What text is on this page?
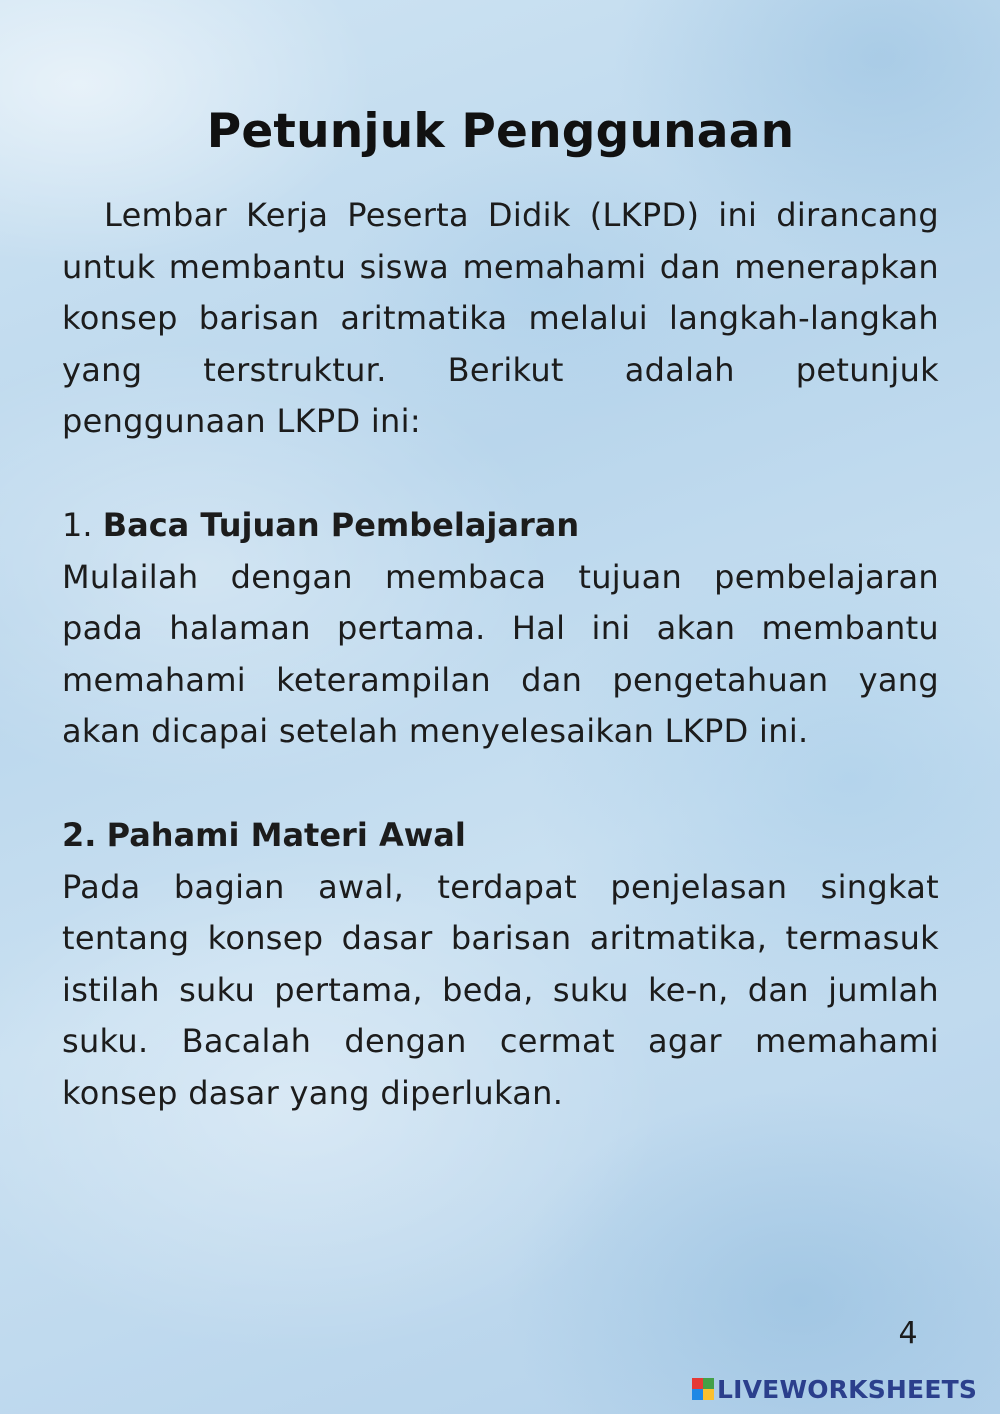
Petunjuk Penggunaan

Lembar Kerja Peserta Didik (LKPD) ini dirancang untuk membantu siswa memahami dan menerapkan konsep barisan aritmatika melalui langkah-langkah yang terstruktur. Berikut adalah petunjuk penggunaan LKPD ini:

1. Baca Tujuan Pembelajaran

Mulailah dengan membaca tujuan pembelajaran pada halaman pertama. Hal ini akan membantu memahami keterampilan dan pengetahuan yang akan dicapai setelah menyelesaikan LKPD ini.

2. Pahami Materi Awal

Pada bagian awal, terdapat penjelasan singkat tentang konsep dasar barisan aritmatika, termasuk istilah suku pertama, beda, suku ke-n, dan jumlah suku. Bacalah dengan cermat agar memahami konsep dasar yang diperlukan.

4
LIVEWORKSHEETS
